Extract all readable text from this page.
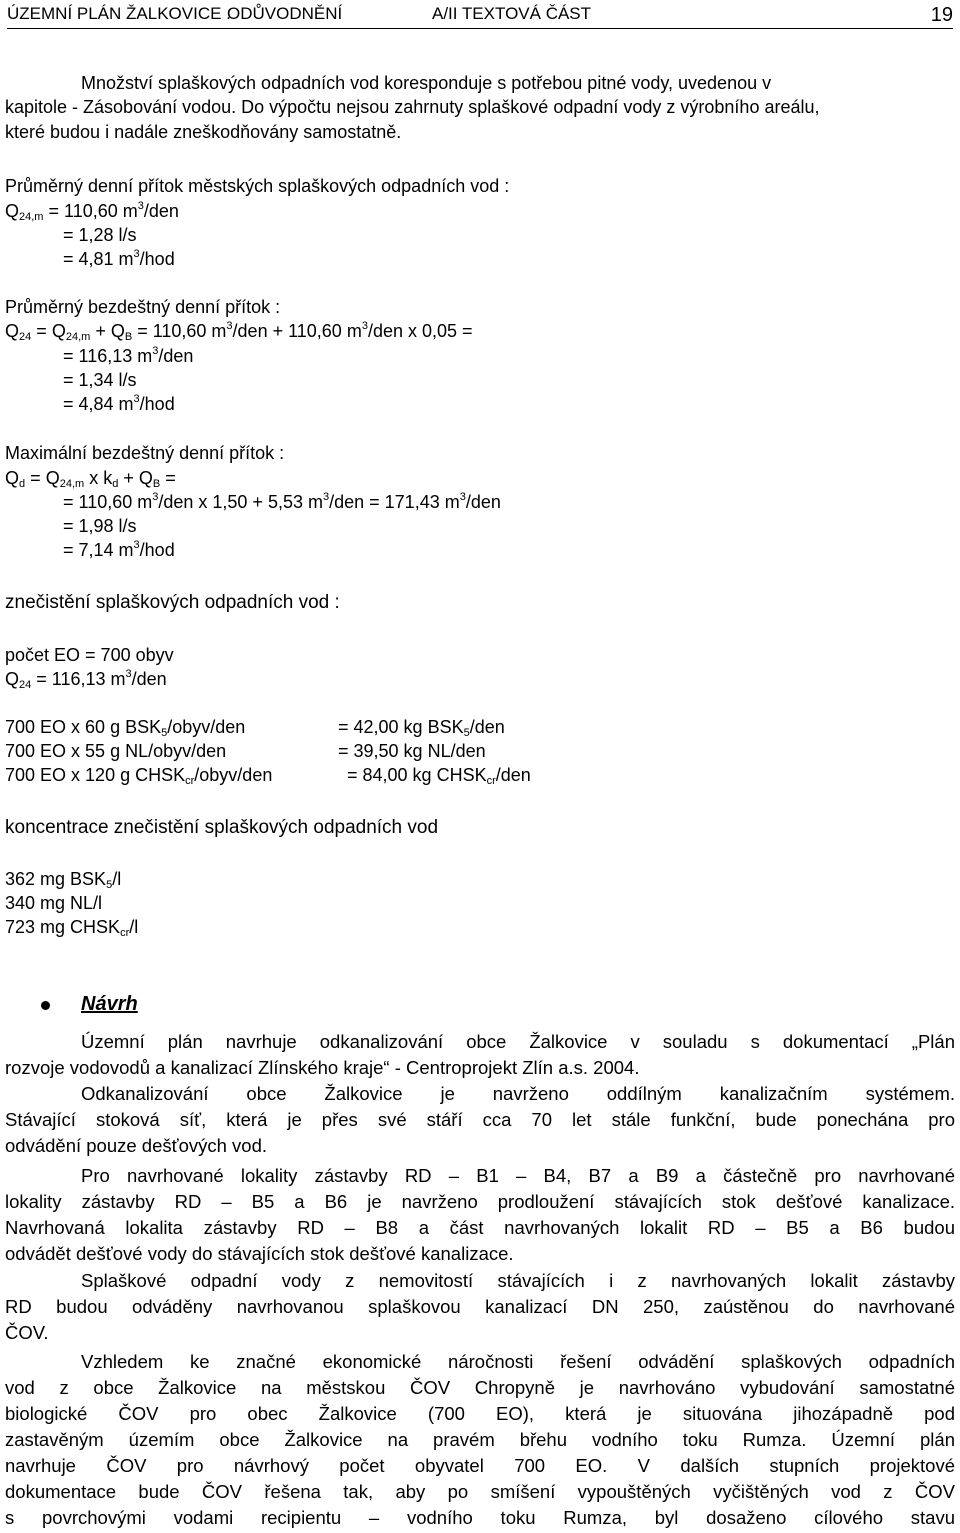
ÚZEMNÍ PLÁN ŽALKOVICE .
ODŮVODNĚNÍ	A/II TEXTOVÁ ČÁST	19
Množství splaškových odpadních vod koresponduje s potřebou pitné vody, uvedenou v
kapitole - Zásobování vodou. Do výpočtu nejsou zahrnuty splaškové odpadní vody z výrobního areálu,
které budou i nadále zneškodňovány samostatně.
Průměrný denní přítok městských splaškových odpadních vod :
$Q_{24,m} = 110,60$ $m^3$/den
= 1,28 l/s
= 4,81 $m^3$/hod
Průměrný bezdeštný denní přítok :
$Q_{24} = Q_{24,m} + Q_B = 110,60$ $m^3$/den + 110,60 $m^3$/den x 0,05 =
= 116,13 $m^3$/den
= 1,34 l/s
= 4,84 $m^3$/hod
Maximální bezdeštný denní přítok :
$Q_d = Q_{24,m}$ x $k_d + Q_B$ =
= 110,60 $m^3$/den x 1,50 + 5,53 $m^3$/den = 171,43 $m^3$/den
= 1,98 l/s
= 7,14 $m^3$/hod
znečistění splaškových odpadních vod :
počet EO = 700 obyv
$Q_{24} = 116,13$ $m^3$/den
700 EO x 60 g $BSK_5/obyv$/den	= 42,00 kg $BSK_5$/den
700 EO x 55 g NL/obyv/den	= 39,50 kg NL/den
700 EO x 120 g $CHSK_{cr}/obyv$/den	= 84,00 kg $CHSK_{cr}$/den
koncentrace znečistění splaškových odpadních vod
362 mg $BSK_5/l$
340 mg NL/l
723 mg $CHSK_{cr}/l$
Návrh
Územní plán navrhuje odkanalizování obce Žalkovice v souladu s dokumentací „Plán
rozvoje vodovodů a kanalizací Zlínského kraje“ - Centroprojekt Zlín a.s. 2004.
Odkanalizování obce Žalkovice je navrženo oddílným kanalizačním systémem.
Stávající stoková síť, která je přes své stáří cca 70 let stále funkční, bude ponechána pro
odvádění pouze dešťových vod.
Pro navrhované lokality zástavby RD – B1 – B4, B7 a B9 a částečně pro navrhované
lokality zástavby RD – B5 a B6 je navrženo prodloužení stávajících stok dešťové kanalizace.
Navrhovaná lokalita zástavby RD – B8 a část navrhovaných lokalit RD – B5 a B6 budou
odvádět dešťové vody do stávajících stok dešťové kanalizace.
Splaškové odpadní vody z nemovitostí stávajících i z navrhovaných lokalit zástavby
RD budou odváděny navrhovanou splaškovou kanalizací DN 250, zaústěnou do navrhované
ČOV.
Vzhledem ke značné ekonomické náročnosti řešení odvádění splaškových odpadních
vod z obce Žalkovice na městskou ČOV Chropyně je navrhováno vybudování samostatné
biologické ČOV pro obec Žalkovice (700 EO), která je situována jihozápadně pod
zastavěným územím obce Žalkovice na pravém břehu vodního toku Rumza. Územní plán
navrhuje ČOV pro návrhový počet obyvatel 700 EO. V dalších stupních projektové
dokumentace bude ČOV řešena tak, aby po smíšení vypouštěných vyčištěných vod z ČOV
s povrchovými vodami recipientu – vodního toku Rumza, byl dosaženo cílového stavu
